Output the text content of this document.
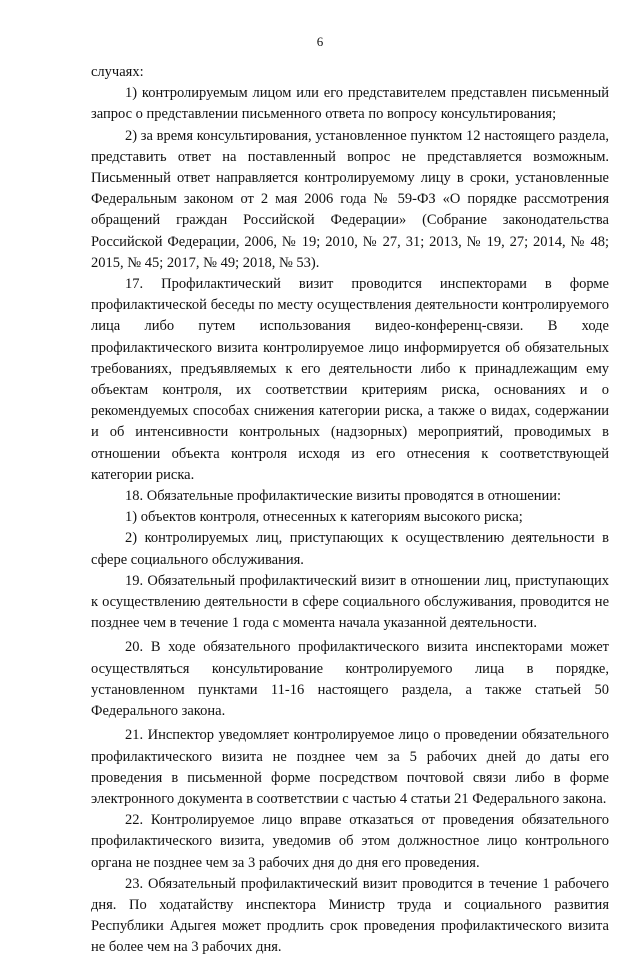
6

случаях:

1) контролируемым лицом или его представителем представлен письменный запрос о представлении письменного ответа по вопросу консультирования;

2) за время консультирования, установленное пунктом 12 настоящего раздела, представить ответ на поставленный вопрос не представляется возможным. Письменный ответ направляется контролируемому лицу в сроки, установленные Федеральным законом от 2 мая 2006 года № 59-ФЗ «О порядке рассмотрения обращений граждан Российской Федерации» (Собрание законодательства Российской Федерации, 2006, № 19; 2010, № 27, 31; 2013, № 19, 27; 2014, № 48; 2015, № 45; 2017, № 49; 2018, № 53).

17. Профилактический визит проводится инспекторами в форме профилактической беседы по месту осуществления деятельности контролируемого лица либо путем использования видео-конференц-связи. В ходе профилактического визита контролируемое лицо информируется об обязательных требованиях, предъявляемых к его деятельности либо к принадлежащим ему объектам контроля, их соответствии критериям риска, основаниях и о рекомендуемых способах снижения категории риска, а также о видах, содержании и об интенсивности контрольных (надзорных) мероприятий, проводимых в отношении объекта контроля исходя из его отнесения к соответствующей категории риска.

18. Обязательные профилактические визиты проводятся в отношении:

1) объектов контроля, отнесенных к категориям высокого риска;

2) контролируемых лиц, приступающих к осуществлению деятельности в сфере социального обслуживания.

19. Обязательный профилактический визит в отношении лиц, приступающих к осуществлению деятельности в сфере социального обслуживания, проводится не позднее чем в течение 1 года с момента начала указанной деятельности.

20. В ходе обязательного профилактического визита инспекторами может осуществляться консультирование контролируемого лица в порядке, установленном пунктами 11-16 настоящего раздела, а также статьей 50 Федерального закона.

21. Инспектор уведомляет контролируемое лицо о проведении обязательного профилактического визита не позднее чем за 5 рабочих дней до даты его проведения в письменной форме посредством почтовой связи либо в форме электронного документа в соответствии с частью 4 статьи 21 Федерального закона.

22. Контролируемое лицо вправе отказаться от проведения обязательного профилактического визита, уведомив об этом должностное лицо контрольного органа не позднее чем за 3 рабочих дня до дня его проведения.

23. Обязательный профилактический визит проводится в течение 1 рабочего дня. По ходатайству инспектора Министр труда и социального развития Республики Адыгея может продлить срок проведения профилактического визита не более чем на 3 рабочих дня.
